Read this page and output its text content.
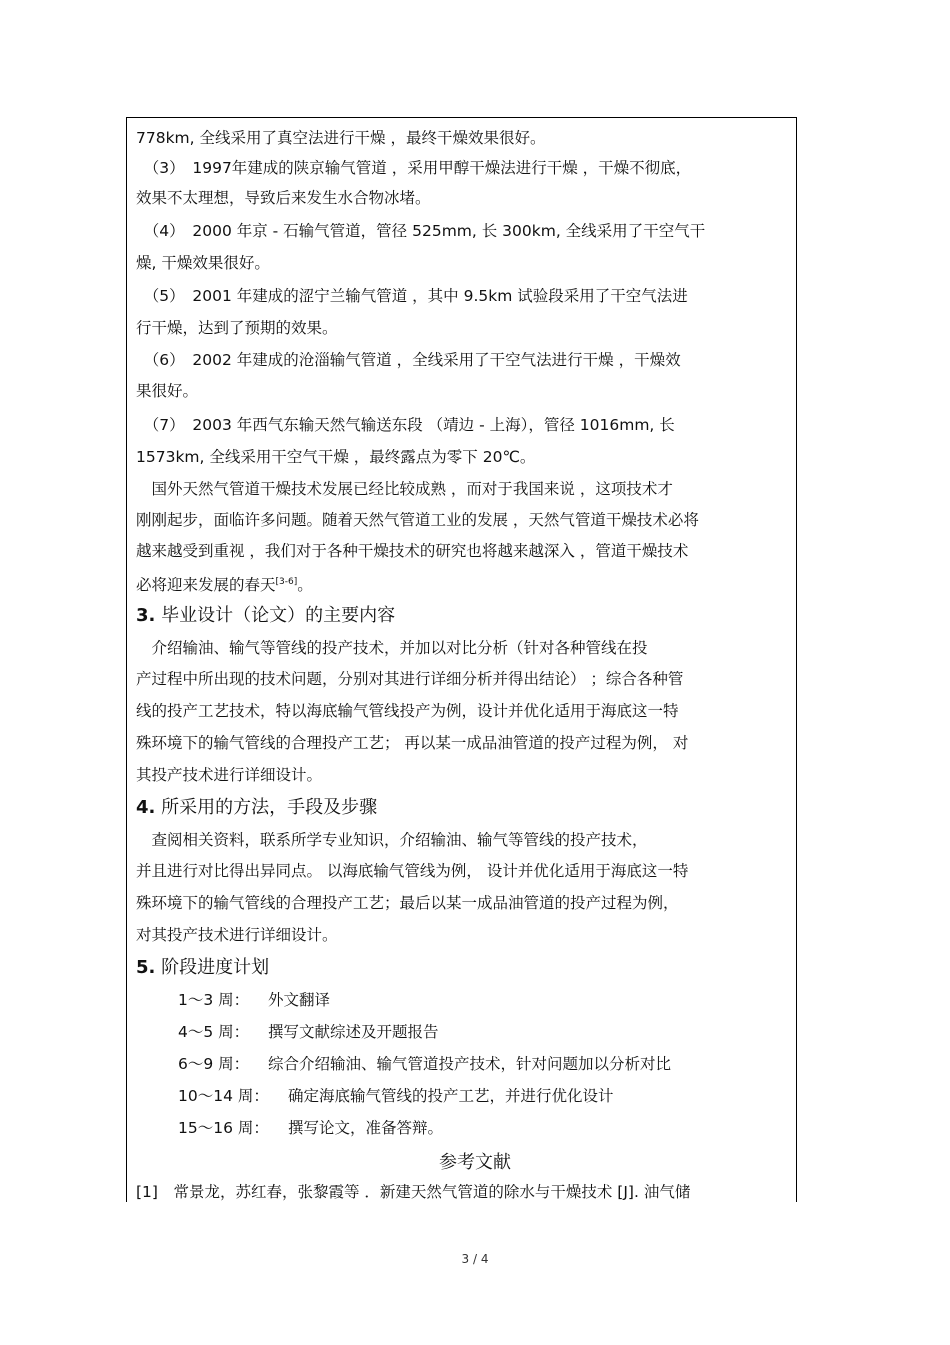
778km, 全线采用了真空法进行干燥 ，最终干燥效果很好。
　（3）　1997年建成的陕京输气管道 ，采用甲醇干燥法进行干燥 ，干燥不彻底，
效果不太理想，导致后来发生水合物冰堵。
　（4）　2000 年京 - 石输气管道，管径 525mm, 长 300km, 全线采用了干空气干
燥, 干燥效果很好。
　（5）　2001 年建成的涩宁兰输气管道 ，其中 9.5km 试验段采用了干空气法进
行干燥，达到了预期的效果。
　（6）　2002 年建成的沧淄输气管道 ，全线采用了干空气法进行干燥 ，干燥效
果很好。
　（7）　2003 年西气东输天然气输送东段 （靖边 - 上海），管径 1016mm, 长
1573km, 全线采用干空气干燥 ，最终露点为零下 20℃。
　国外天然气管道干燥技术发展已经比较成熟 ，而对于我国来说 ，这项技术才
刚刚起步，面临许多问题。随着天然气管道工业的发展 ，天然气管道干燥技术必将
越来越受到重视 ，我们对于各种干燥技术的研究也将越来越深入 ，管道干燥技术
必将迎来发展的春天[3-6]。
3. 毕业设计（论文）的主要内容
　介绍输油、输气等管线的投产技术，并加以对比分析（针对各种管线在投
产过程中所出现的技术问题，分别对其进行详细分析并得出结论） ；综合各种管
线的投产工艺技术，特以海底输气管线投产为例，设计并优化适用于海底这一特
殊环境下的输气管线的合理投产工艺； 再以某一成品油管道的投产过程为例， 对
其投产技术进行详细设计。
4. 所采用的方法，手段及步骤
　查阅相关资料，联系所学专业知识，介绍输油、输气等管线的投产技术，
并且进行对比得出异同点。 以海底输气管线为例， 设计并优化适用于海底这一特
殊环境下的输气管线的合理投产工艺；最后以某一成品油管道的投产过程为例，
对其投产技术进行详细设计。
5. 阶段进度计划
1～3 周： 外文翻译
4～5 周： 撰写文献综述及开题报告
6～9 周： 综合介绍输油、输气管道投产技术，针对问题加以分析对比
10～14 周： 确定海底输气管线的投产工艺，并进行优化设计
15～16 周： 撰写论文，准备答辩。
参考文献
[1]　常景龙，苏红春，张黎霞等 ．新建天然气管道的除水与干燥技术 [J]. 油气储
3 / 4
